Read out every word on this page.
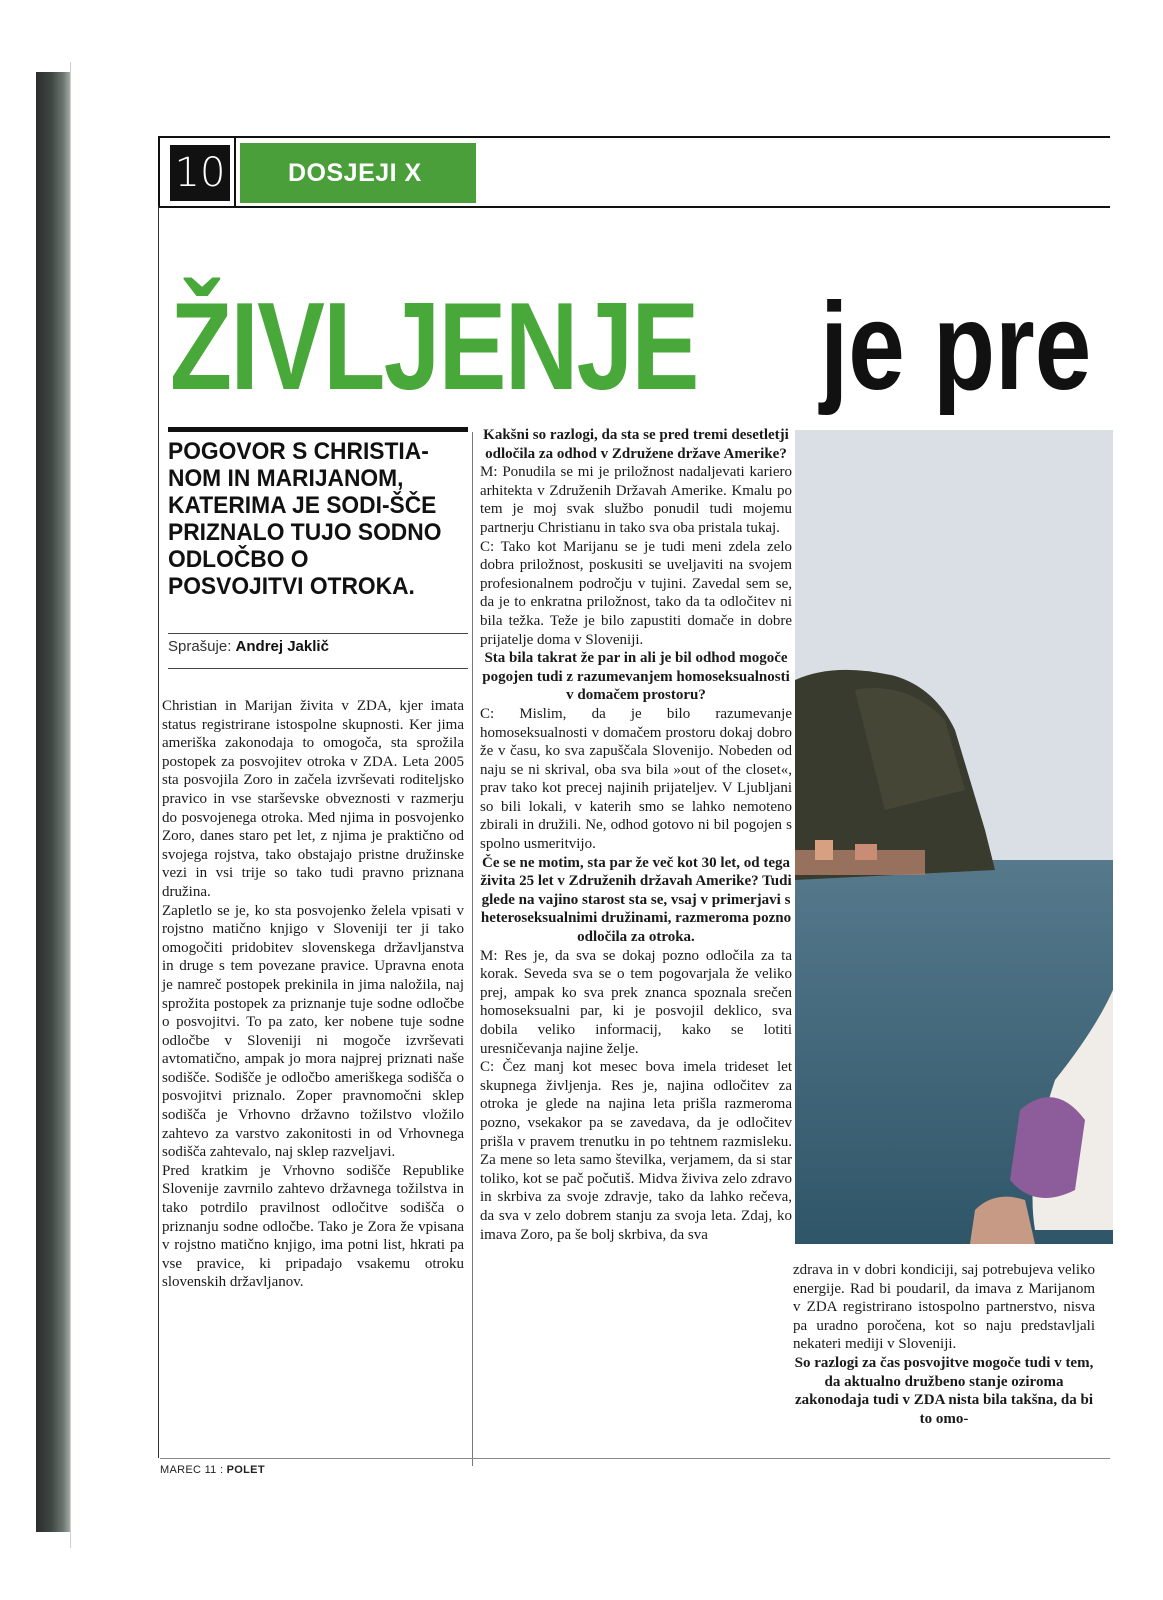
10	DOSJEJI X
ŽIVLJENJE je pre

POGOVOR S CHRISTIA-NOM IN MARIJANOM, KATERIMA JE SODI-ŠČE PRIZNALO TUJO SODNO ODLOČBO O POSVOJITVI OTROKA.

Sprašuje: Andrej Jaklič

Christian in Marijan živita v ZDA, kjer imata status registrirane istospolne skupnosti. Ker jima ameriška zakonodaja to omogoča, sta sprožila postopek za posvojitev otroka v ZDA. Leta 2005 sta posvojila Zoro in začela izvrševati roditeljsko pravico in vse starševske obveznosti v razmerju do posvojenega otroka. Med njima in posvojenko Zoro, danes staro pet let, z njima je praktično od svojega rojstva, tako obstajajo pristne družinske vezi in vsi trije so tako tudi pravno priznana družina.

Zapletlo se je, ko sta posvojenko želela vpisati v rojstno matično knjigo v Sloveniji ter ji tako omogočiti pridobitev slovenskega državljanstva in druge s tem povezane pravice. Upravna enota je namreč postopek prekinila in jima naložila, naj sprožita postopek za priznanje tuje sodne odločbe o posvojitvi. To pa zato, ker nobene tuje sodne odločbe v Sloveniji ni mogoče izvrševati avtomatično, ampak jo mora najprej priznati naše sodišče. Sodišče je odločbo ameriškega sodišča o posvojitvi priznalo. Zoper pravnomočni sklep sodišča je Vrhovno državno tožilstvo vložilo zahtevo za varstvo zakonitosti in od Vrhovnega sodišča zahtevalo, naj sklep razveljavi.

Pred kratkim je Vrhovno sodišče Republike Slovenije zavrnilo zahtevo državnega tožilstva in tako potrdilo pravilnost odločitve sodišča o priznanju sodne odločbe. Tako je Zora že vpisana v rojstno matično knjigo, ima potni list, hkrati pa vse pravice, ki pripadajo vsakemu otroku slovenskih državljanov.

Kakšni so razlogi, da sta se pred tremi desetletji odločila za odhod v Združene države Amerike?

M: Ponudila se mi je priložnost nadaljevati kariero arhitekta v Združenih Državah Amerike. Kmalu po tem je moj svak službo ponudil tudi mojemu partnerju Christianu in tako sva oba pristala tukaj.

C: Tako kot Marijanu se je tudi meni zdela zelo dobra priložnost, poskusiti se uveljaviti na svojem profesionalnem področju v tujini. Zavedal sem se, da je to enkratna priložnost, tako da ta odločitev ni bila težka. Teže je bilo zapustiti domače in dobre prijatelje doma v Sloveniji.

Sta bila takrat že par in ali je bil odhod mogoče pogojen tudi z razumevanjem homoseksualnosti v domačem prostoru?

C: Mislim, da je bilo razumevanje homoseksualnosti v domačem prostoru dokaj dobro že v času, ko sva zapuščala Slovenijo. Nobeden od naju se ni skrival, oba sva bila »out of the closet«, prav tako kot precej najinih prijateljev. V Ljubljani so bili lokali, v katerih smo se lahko nemoteno zbirali in družili. Ne, odhod gotovo ni bil pogojen s spolno usmeritvijo.

Če se ne motim, sta par že več kot 30 let, od tega živita 25 let v Združenih državah Amerike? Tudi glede na vajino starost sta se, vsaj v primerjavi s heteroseksualnimi družinami, razmeroma pozno odločila za otroka.

M: Res je, da sva se dokaj pozno odločila za ta korak. Seveda sva se o tem pogovarjala že veliko prej, ampak ko sva prek znanca spoznala srečen homoseksualni par, ki je posvojil deklico, sva dobila veliko informacij, kako se lotiti uresničevanja najine želje.

C: Čez manj kot mesec bova imela trideset let skupnega življenja. Res je, najina odločitev za otroka je glede na najina leta prišla razmeroma pozno, vsekakor pa se zavedava, da je odločitev prišla v pravem trenutku in po tehtnem razmisleku. Za mene so leta samo številka, verjamem, da si star toliko, kot se pač počutiš. Midva živiva zelo zdravo in skrbiva za svoje zdravje, tako da lahko rečeva, da sva v zelo dobrem stanju za svoja leta. Zdaj, ko imava Zoro, pa še bolj skrbiva, da sva

zdrava in v dobri kondiciji, saj potrebujeva veliko energije. Rad bi poudaril, da imava z Marijanom v ZDA registrirano istospolno partnerstvo, nisva pa uradno poročena, kot so naju predstavljali nekateri mediji v Sloveniji.

So razlogi za čas posvojitve mogoče tudi v tem, da aktualno družbeno stanje oziroma zakonodaja tudi v ZDA nista bila takšna, da bi to omo-

MAREC 11 : POLET
